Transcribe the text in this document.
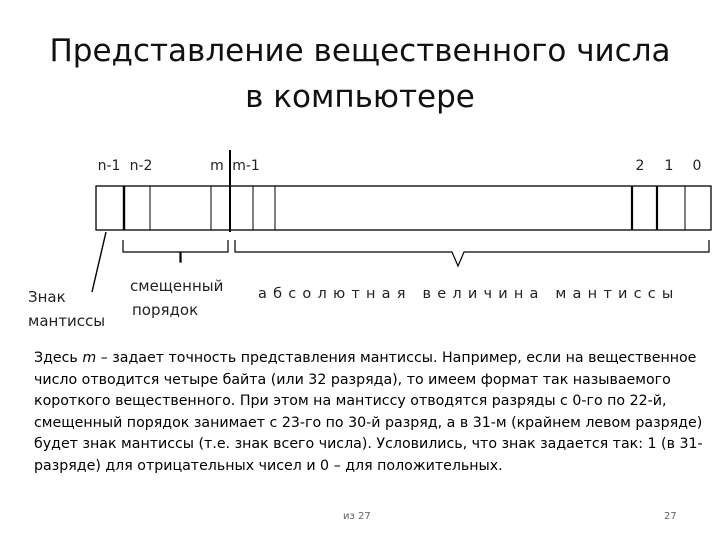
Представление вещественного числа
в компьютере
n-1 n-2	m m-1	2 1 0
Знак
мантиссы
смещенный
порядок
абсолютная величина мантиссы
Здесь m – задает точность представления мантиссы. Например, если на вещественное число отводится четыре байта (или 32 разряда), то имеем формат так называемого короткого вещественного. При этом на мантиссу отводятся разряды с 0-го по 22-й, смещенный порядок занимает с 23-го по 30-й разряд, а в 31-м (крайнем левом разряде) будет знак мантиссы (т.е. знак всего числа). Условились, что знак задается так: 1 (в 31-разряде) для отрицательных чисел и 0 – для положительных.
из 27	27
